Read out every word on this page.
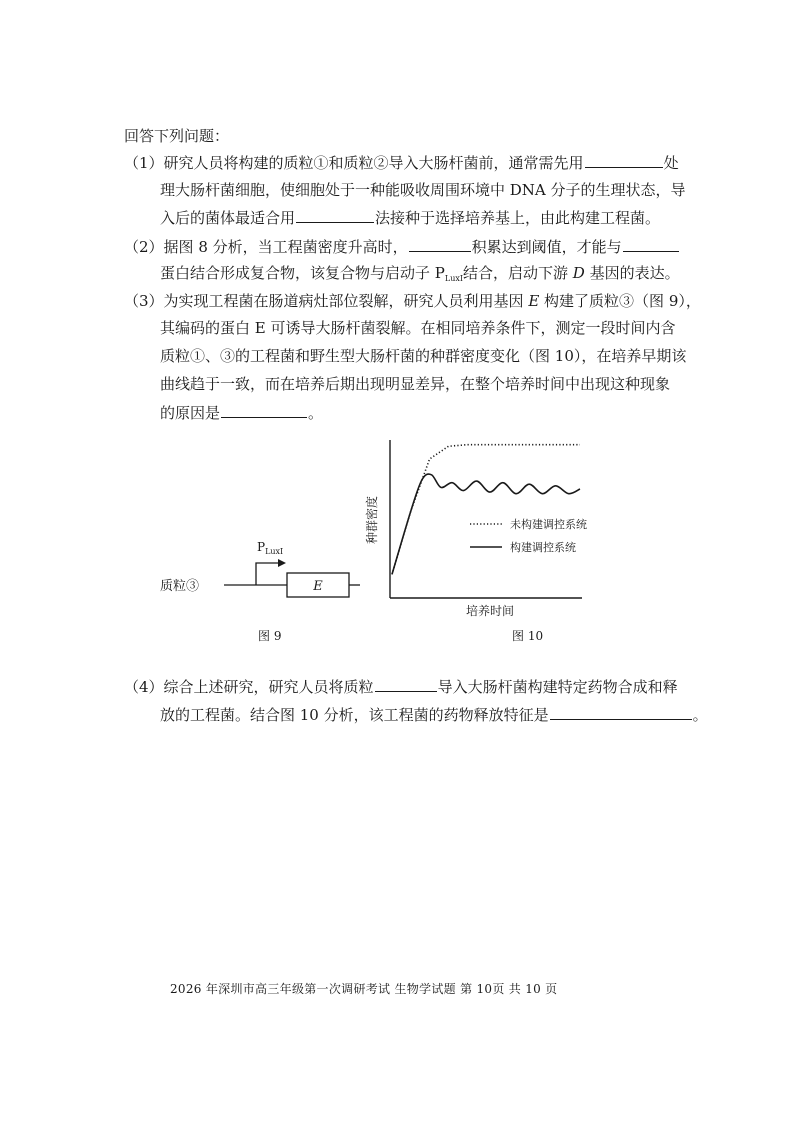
回答下列问题：
（1）研究人员将构建的质粒①和质粒②导入大肠杆菌前，通常需先用	处
理大肠杆菌细胞，使细胞处于一种能吸收周围环境中 DNA 分子的生理状态，导
入后的菌体最适合用	法接种于选择培养基上，由此构建工程菌。
（2）据图 8 分析，当工程菌密度升高时，	积累达到阈值，才能与
蛋白结合形成复合物，该复合物与启动子 $P_{LuxI}$结合，启动下游 D 基因的表达。
（3）为实现工程菌在肠道病灶部位裂解，研究人员利用基因 E 构建了质粒③（图 9），
其编码的蛋白 E 可诱导大肠杆菌裂解。在相同培养条件下，测定一段时间内含
质粒①、③的工程菌和野生型大肠杆菌的种群密度变化（图 10），在培养早期该
曲线趋于一致，而在培养后期出现明显差异，在整个培养时间中出现这种现象
的原因是	。
质粒③
$P_{LuxI}$
E
图 9
种群密度
培养时间
未构建调控系统
构建调控系统
图 10
（4）综合上述研究，研究人员将质粒	导入大肠杆菌构建特定药物合成和释
放的工程菌。结合图 10 分析，该工程菌的药物释放特征是	。
2026 年深圳市高三年级第一次调研考试 生物学试题 第 10页 共 10 页
